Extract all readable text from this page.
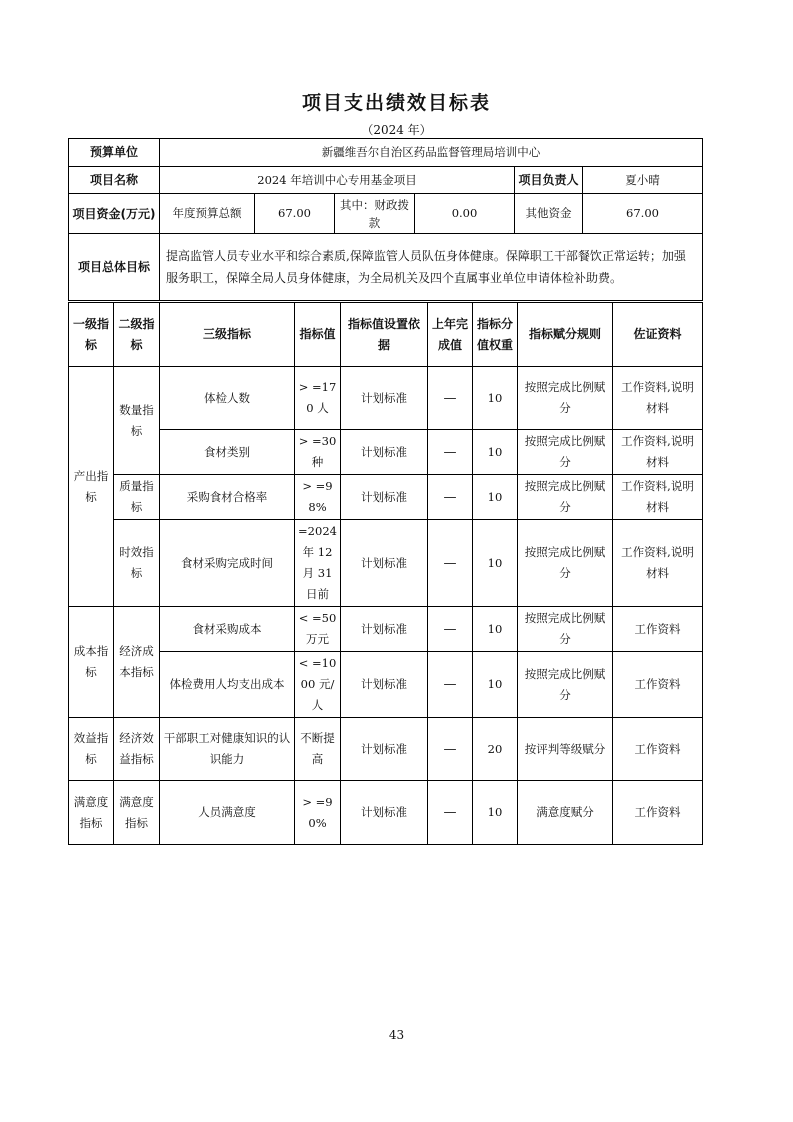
项目支出绩效目标表
（2024 年）
预算单位	新疆维吾尔自治区药品监督管理局培训中心					
项目名称	2024 年培训中心专用基金项目				项目负责人	夏小晴
项目资金(万元)	年度预算总额	67.00	其中：财政拨款	0.00	其他资金	67.00
项目总体目标	提高监管人员专业水平和综合素质,保障监管人员队伍身体健康。保障职工干部餐饮正常运转；加强服务职工，保障全局人员身体健康，为全局机关及四个直属事业单位申请体检补助费。					
一级指标	二级指标	三级指标	指标值	指标值设置依据	上年完成值	指标分值权重	指标赋分规则	佐证资料
产出指标	数量指标	体检人数	> =170 人	计划标准	—	10	按照完成比例赋分	工作资料,说明材料
		食材类别	> =30 种	计划标准	—	10	按照完成比例赋分	工作资料,说明材料
	质量指标	采购食材合格率	> =98%	计划标准	—	10	按照完成比例赋分	工作资料,说明材料
	时效指标	食材采购完成时间	=2024 年 12 月 31 日前	计划标准	—	10	按照完成比例赋分	工作资料,说明材料
成本指标	经济成本指标	食材采购成本	< =50 万元	计划标准	—	10	按照完成比例赋分	工作资料
		体检费用人均支出成本	< =1000 元/人	计划标准	—	10	按照完成比例赋分	工作资料
效益指标	经济效益指标	干部职工对健康知识的认识能力	不断提高	计划标准	—	20	按评判等级赋分	工作资料
满意度指标	满意度指标	人员满意度	> =90%	计划标准	—	10	满意度赋分	工作资料
43
